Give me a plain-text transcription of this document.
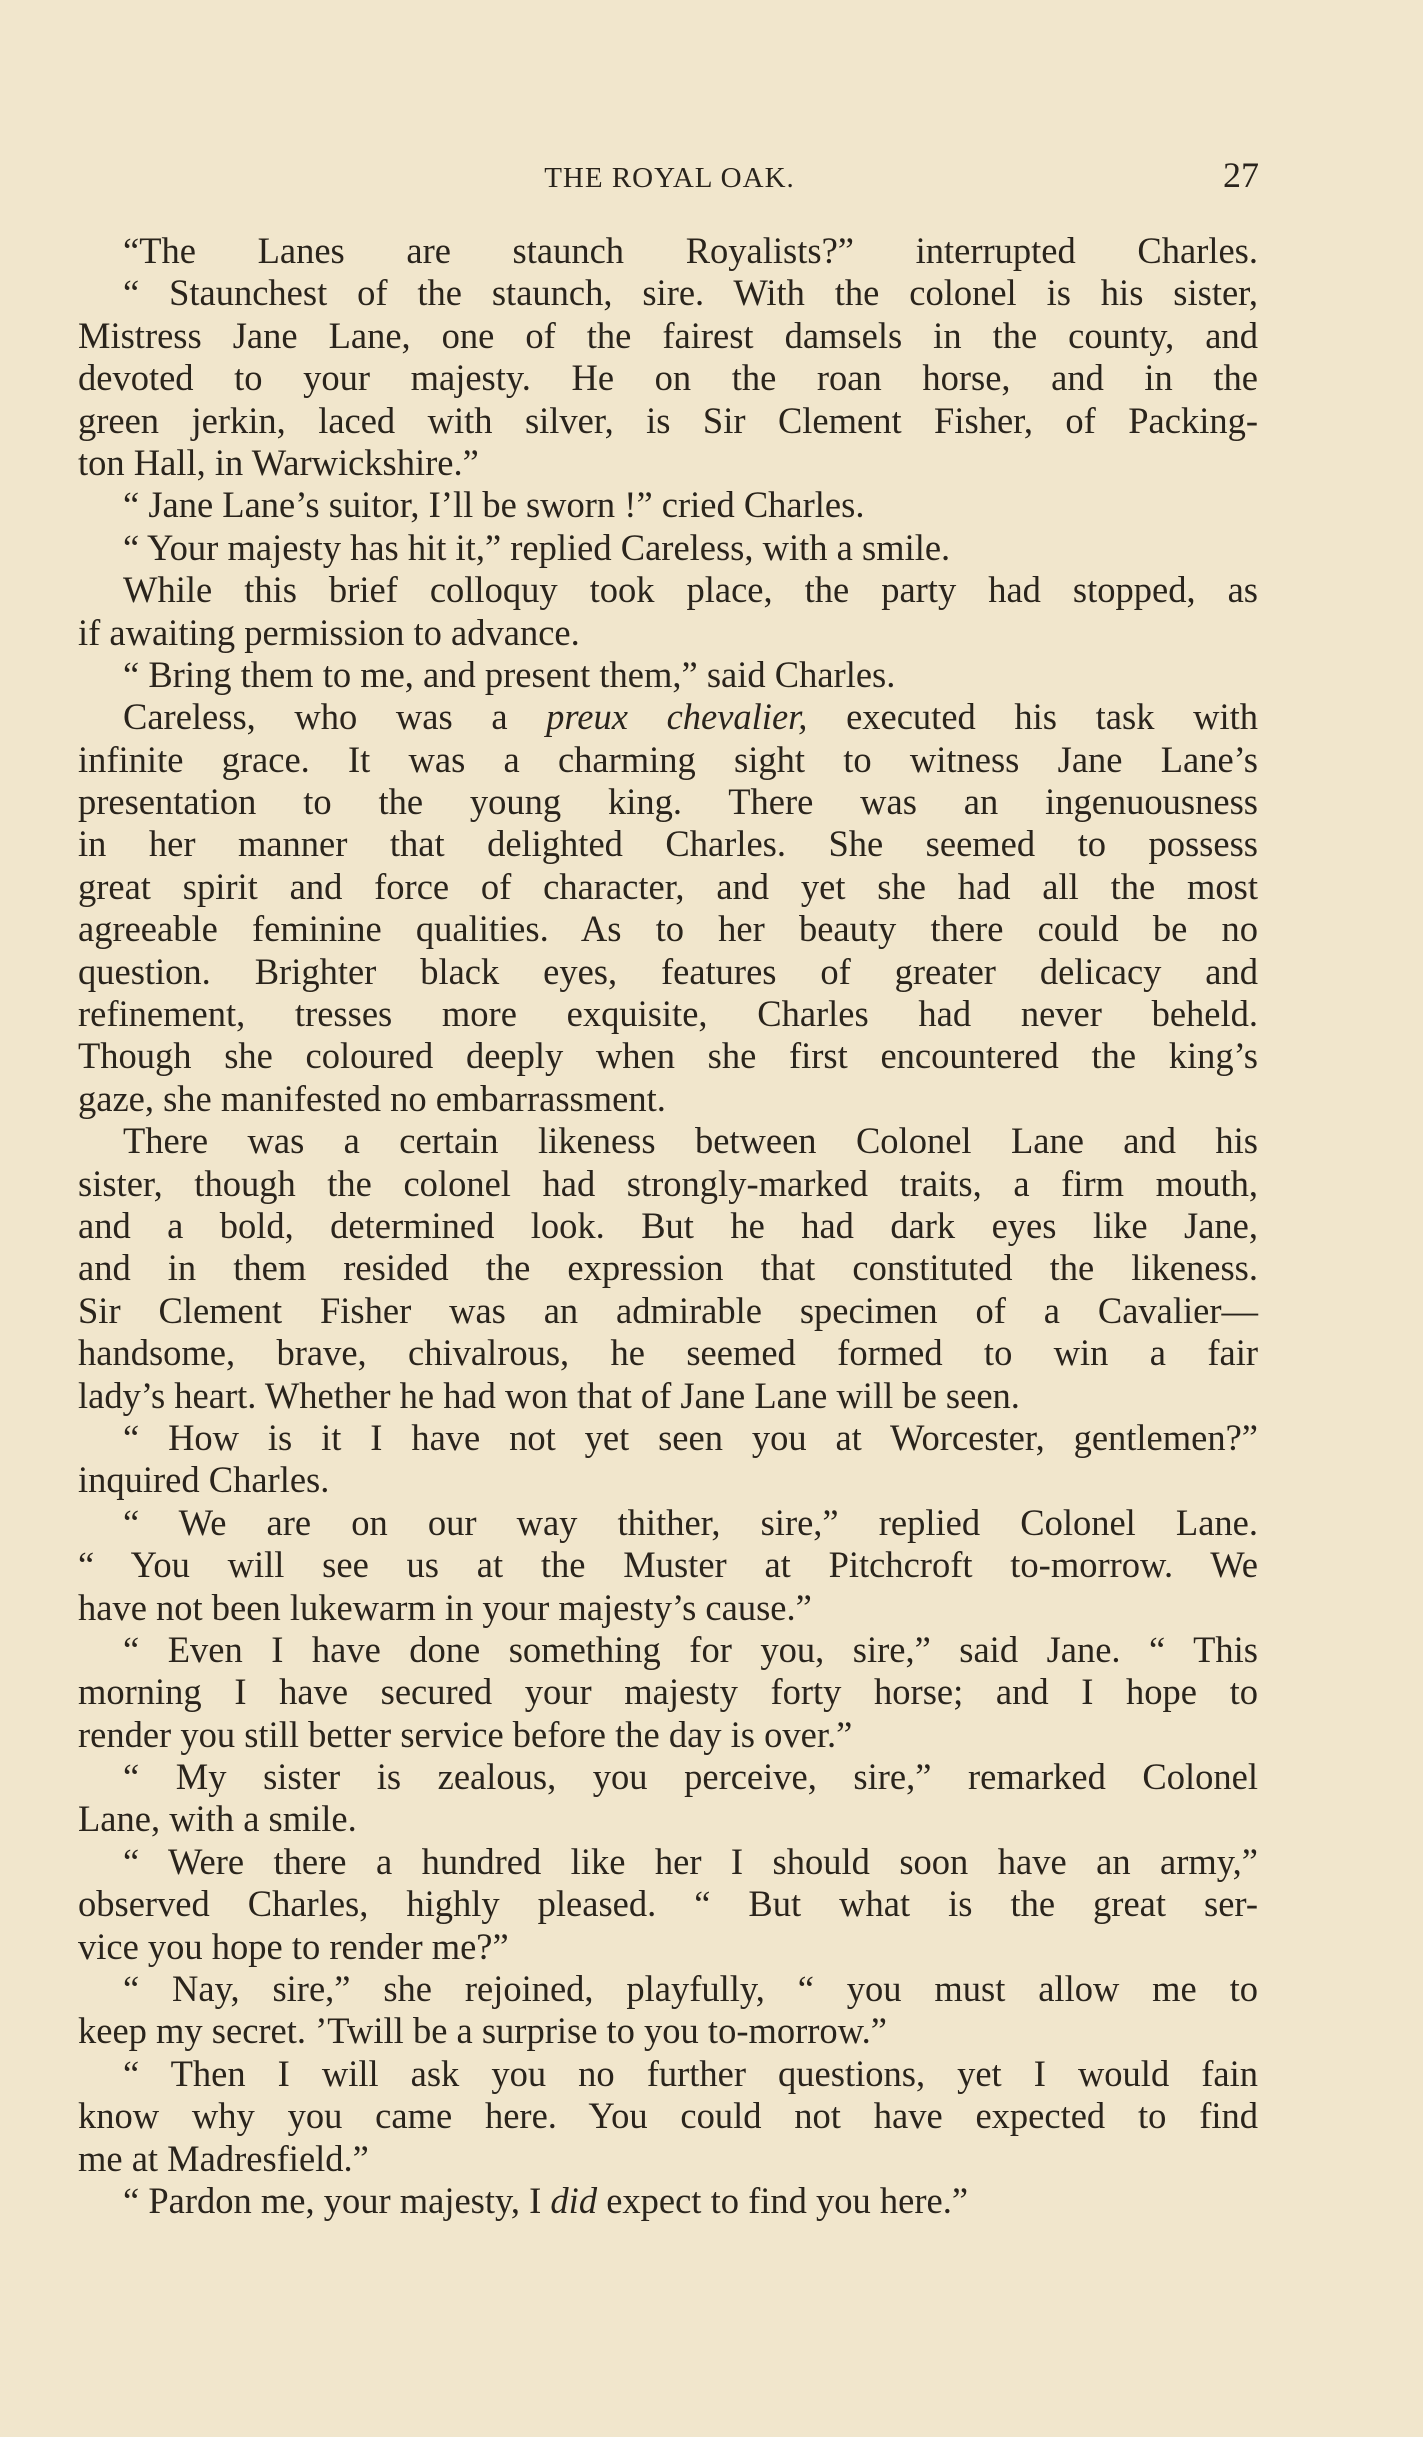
THE ROYAL OAK.	27
“The Lanes are staunch Royalists?” interrupted Charles.
“ Staunchest of the staunch, sire. With the colonel is his sister,
Mistress Jane Lane, one of the fairest damsels in the county, and
devoted to your majesty. He on the roan horse, and in the
green jerkin, laced with silver, is Sir Clement Fisher, of Packing-
ton Hall, in Warwickshire.”
“ Jane Lane’s suitor, I’ll be sworn !” cried Charles.
“ Your majesty has hit it,” replied Careless, with a smile.
While this brief colloquy took place, the party had stopped, as
if awaiting permission to advance.
“ Bring them to me, and present them,” said Charles.
Careless, who was a preux chevalier, executed his task with
infinite grace. It was a charming sight to witness Jane Lane’s
presentation to the young king. There was an ingenuousness
in her manner that delighted Charles. She seemed to possess
great spirit and force of character, and yet she had all the most
agreeable feminine qualities. As to her beauty there could be no
question. Brighter black eyes, features of greater delicacy and
refinement, tresses more exquisite, Charles had never beheld.
Though she coloured deeply when she first encountered the king’s
gaze, she manifested no embarrassment.
There was a certain likeness between Colonel Lane and his
sister, though the colonel had strongly-marked traits, a firm mouth,
and a bold, determined look. But he had dark eyes like Jane,
and in them resided the expression that constituted the likeness.
Sir Clement Fisher was an admirable specimen of a Cavalier—
handsome, brave, chivalrous, he seemed formed to win a fair
lady’s heart. Whether he had won that of Jane Lane will be seen.
“ How is it I have not yet seen you at Worcester, gentlemen?”
inquired Charles.
“ We are on our way thither, sire,” replied Colonel Lane.
“ You will see us at the Muster at Pitchcroft to-morrow. We
have not been lukewarm in your majesty’s cause.”
“ Even I have done something for you, sire,” said Jane. “ This
morning I have secured your majesty forty horse; and I hope to
render you still better service before the day is over.”
“ My sister is zealous, you perceive, sire,” remarked Colonel
Lane, with a smile.
“ Were there a hundred like her I should soon have an army,”
observed Charles, highly pleased. “ But what is the great ser-
vice you hope to render me?”
“ Nay, sire,” she rejoined, playfully, “ you must allow me to
keep my secret. ’Twill be a surprise to you to-morrow.”
“ Then I will ask you no further questions, yet I would fain
know why you came here. You could not have expected to find
me at Madresfield.”
“ Pardon me, your majesty, I did expect to find you here.”
